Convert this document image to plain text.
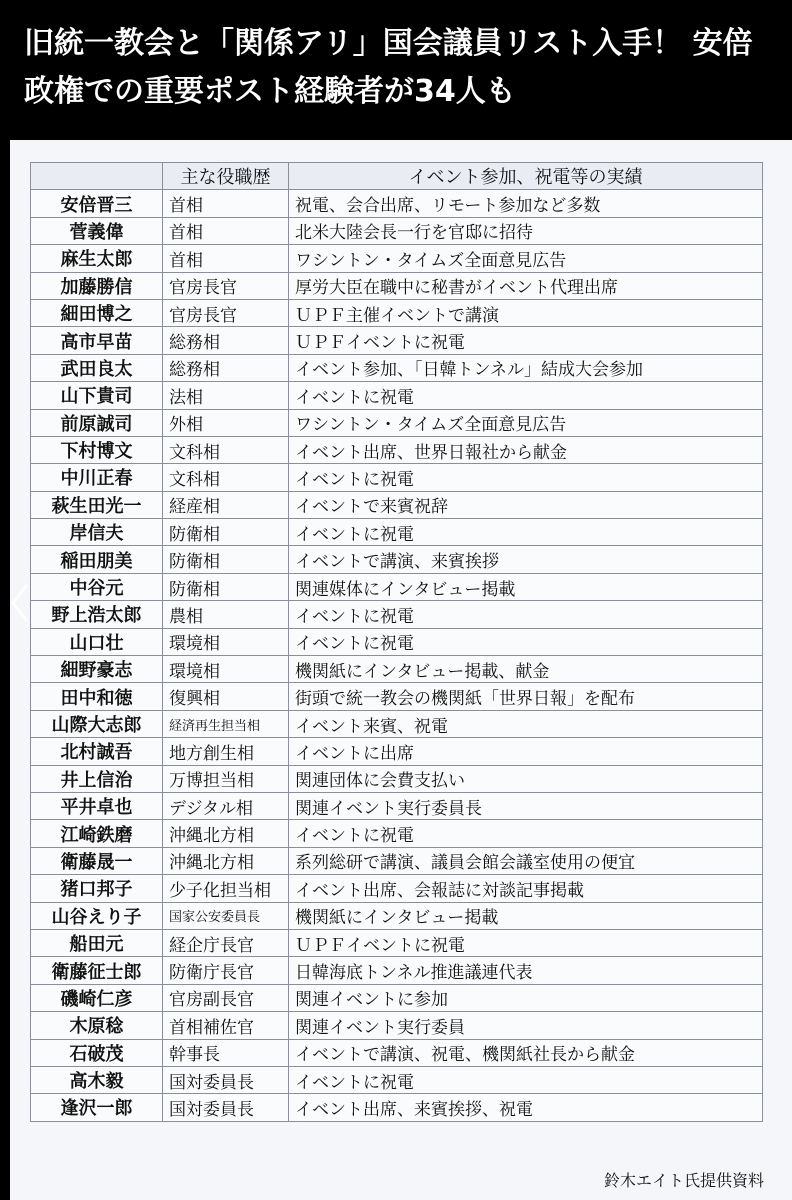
旧統一教会と「関係アリ」国会議員リスト入手！ 安倍政権での重要ポスト経験者が34人も
	主な役職歴	イベント参加、祝電等の実績
安倍晋三	首相	祝電、会合出席、リモート参加など多数
菅義偉	首相	北米大陸会長一行を官邸に招待
麻生太郎	首相	ワシントン・タイムズ全面意見広告
加藤勝信	官房長官	厚労大臣在職中に秘書がイベント代理出席
細田博之	官房長官	ＵＰＦ主催イベントで講演
高市早苗	総務相	ＵＰＦイベントに祝電
武田良太	総務相	イベント参加、「日韓トンネル」結成大会参加
山下貴司	法相	イベントに祝電
前原誠司	外相	ワシントン・タイムズ全面意見広告
下村博文	文科相	イベント出席、世界日報社から献金
中川正春	文科相	イベントに祝電
萩生田光一	経産相	イベントで来賓祝辞
岸信夫	防衛相	イベントに祝電
稲田朋美	防衛相	イベントで講演、来賓挨拶
中谷元	防衛相	関連媒体にインタビュー掲載
野上浩太郎	農相	イベントに祝電
山口壮	環境相	イベントに祝電
細野豪志	環境相	機関紙にインタビュー掲載、献金
田中和徳	復興相	街頭で統一教会の機関紙「世界日報」を配布
山際大志郎	経済再生担当相	イベント来賓、祝電
北村誠吾	地方創生相	イベントに出席
井上信治	万博担当相	関連団体に会費支払い
平井卓也	デジタル相	関連イベント実行委員長
江崎鉄磨	沖縄北方相	イベントに祝電
衛藤晟一	沖縄北方相	系列総研で講演、議員会館会議室使用の便宜
猪口邦子	少子化担当相	イベント出席、会報誌に対談記事掲載
山谷えり子	国家公安委員長	機関紙にインタビュー掲載
船田元	経企庁長官	ＵＰＦイベントに祝電
衛藤征士郎	防衛庁長官	日韓海底トンネル推進議連代表
磯崎仁彦	官房副長官	関連イベントに参加
木原稔	首相補佐官	関連イベント実行委員
石破茂	幹事長	イベントで講演、祝電、機関紙社長から献金
高木毅	国対委員長	イベントに祝電
逢沢一郎	国対委員長	イベント出席、来賓挨拶、祝電
鈴木エイト氏提供資料
